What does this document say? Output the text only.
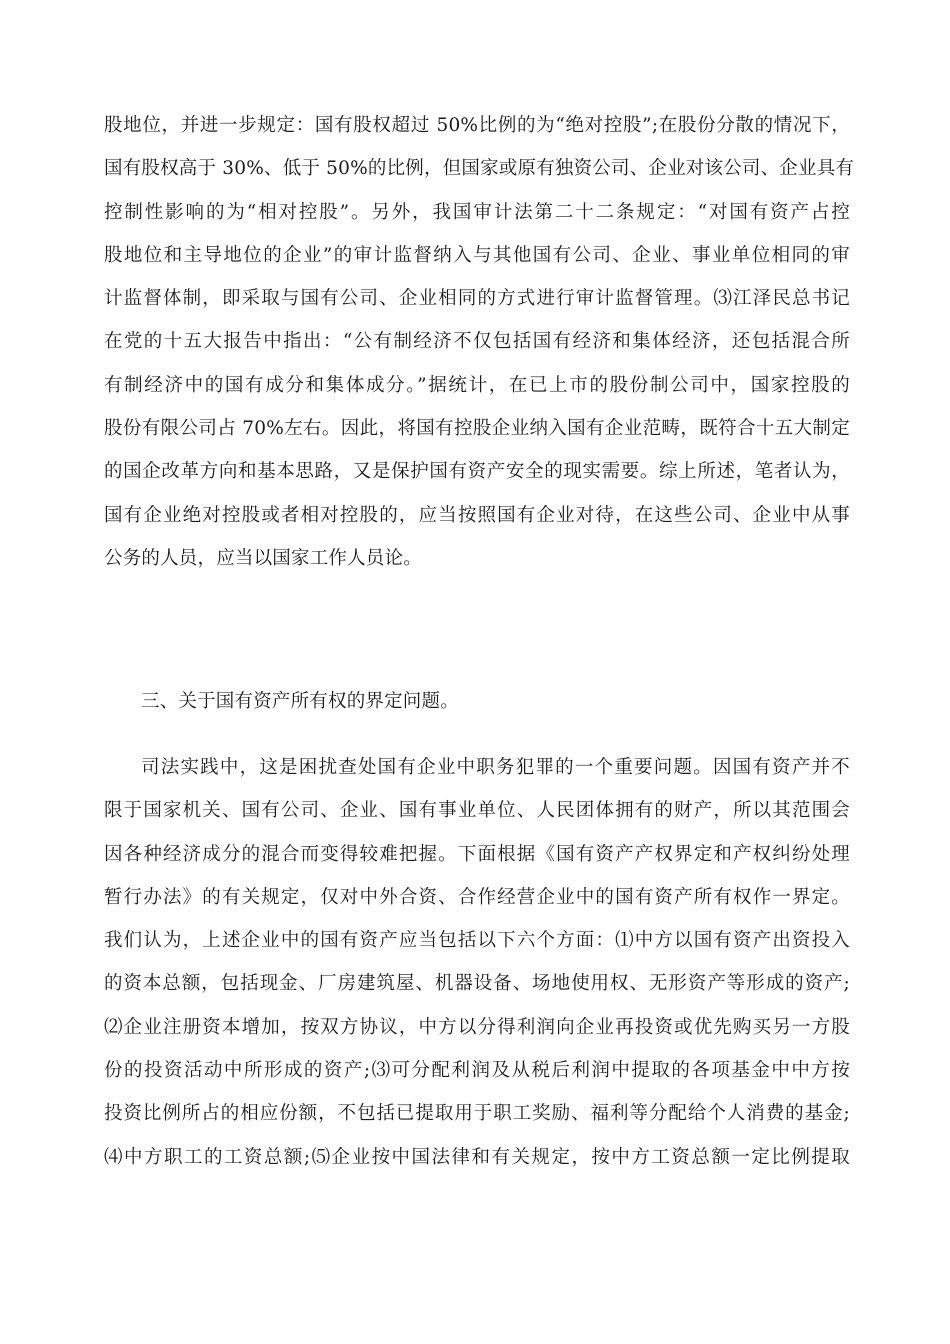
股地位，并进一步规定：国有股权超过 50%比例的为“绝对控股”;在股份分散的情况下，
国有股权高于 30%、低于 50%的比例，但国家或原有独资公司、企业对该公司、企业具有
控制性影响的为“相对控股”。另外，我国审计法第二十二条规定：“对国有资产占控
股地位和主导地位的企业”的审计监督纳入与其他国有公司、企业、事业单位相同的审
计监督体制，即采取与国有公司、企业相同的方式进行审计监督管理。⑶江泽民总书记
在党的十五大报告中指出：“公有制经济不仅包括国有经济和集体经济，还包括混合所
有制经济中的国有成分和集体成分。”据统计，在已上市的股份制公司中，国家控股的
股份有限公司占 70%左右。因此，将国有控股企业纳入国有企业范畴，既符合十五大制定
的国企改革方向和基本思路，又是保护国有资产安全的现实需要。综上所述，笔者认为，
国有企业绝对控股或者相对控股的，应当按照国有企业对待，在这些公司、企业中从事
公务的人员，应当以国家工作人员论。
三、关于国有资产所有权的界定问题。
司法实践中，这是困扰查处国有企业中职务犯罪的一个重要问题。因国有资产并不
限于国家机关、国有公司、企业、国有事业单位、人民团体拥有的财产，所以其范围会
因各种经济成分的混合而变得较难把握。下面根据《国有资产产权界定和产权纠纷处理
暂行办法》的有关规定，仅对中外合资、合作经营企业中的国有资产所有权作一界定。
我们认为，上述企业中的国有资产应当包括以下六个方面：⑴中方以国有资产出资投入
的资本总额，包括现金、厂房建筑屋、机器设备、场地使用权、无形资产等形成的资产;
⑵企业注册资本增加，按双方协议，中方以分得利润向企业再投资或优先购买另一方股
份的投资活动中所形成的资产;⑶可分配利润及从税后利润中提取的各项基金中中方按
投资比例所占的相应份额，不包括已提取用于职工奖励、福利等分配给个人消费的基金;
⑷中方职工的工资总额;⑸企业按中国法律和有关规定，按中方工资总额一定比例提取
